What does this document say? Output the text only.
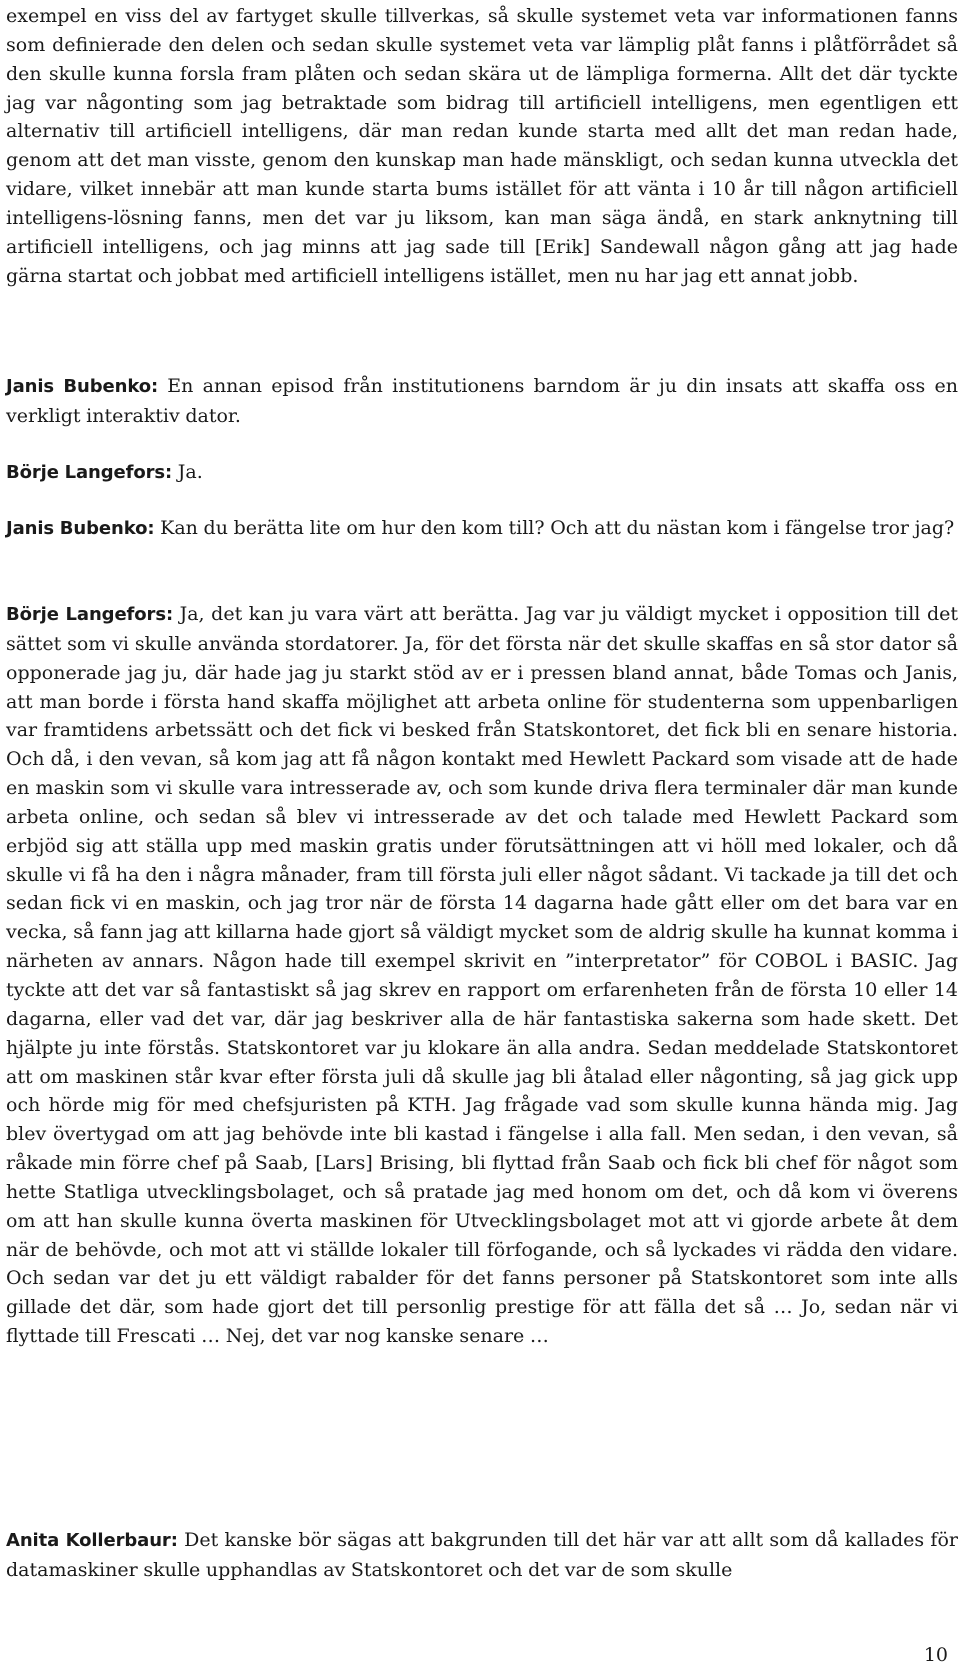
exempel en viss del av fartyget skulle tillverkas, så skulle systemet veta var informationen fanns som definierade den delen och sedan skulle systemet veta var lämplig plåt fanns i plåtförrådet så den skulle kunna forsla fram plåten och sedan skära ut de lämpliga formerna. Allt det där tyckte jag var någonting som jag betraktade som bidrag till artificiell intelligens, men egentligen ett alternativ till artificiell intelligens, där man redan kunde starta med allt det man redan hade, genom att det man visste, genom den kunskap man hade mänskligt, och sedan kunna utveckla det vidare, vilket innebär att man kunde starta bums istället för att vänta i 10 år till någon artificiell intelligens-lösning fanns, men det var ju liksom, kan man säga ändå, en stark anknytning till artificiell intelligens, och jag minns att jag sade till [Erik] Sandewall någon gång att jag hade gärna startat och jobbat med artificiell intelligens istället, men nu har jag ett annat jobb.

Janis Bubenko: En annan episod från institutionens barndom är ju din insats att skaffa oss en verkligt interaktiv dator.

Börje Langefors: Ja.

Janis Bubenko: Kan du berätta lite om hur den kom till? Och att du nästan kom i fängelse tror jag?

Börje Langefors: Ja, det kan ju vara värt att berätta. Jag var ju väldigt mycket i opposition till det sättet som vi skulle använda stordatorer. Ja, för det första när det skulle skaffas en så stor dator så opponerade jag ju, där hade jag ju starkt stöd av er i pressen bland annat, både Tomas och Janis, att man borde i första hand skaffa möjlighet att arbeta online för studenterna som uppenbarligen var framtidens arbetssätt och det fick vi besked från Statskontoret, det fick bli en senare historia. Och då, i den vevan, så kom jag att få någon kontakt med Hewlett Packard som visade att de hade en maskin som vi skulle vara intresserade av, och som kunde driva flera terminaler där man kunde arbeta online, och sedan så blev vi intresserade av det och talade med Hewlett Packard som erbjöd sig att ställa upp med maskin gratis under förutsättningen att vi höll med lokaler, och då skulle vi få ha den i några månader, fram till första juli eller något sådant. Vi tackade ja till det och sedan fick vi en maskin, och jag tror när de första 14 dagarna hade gått eller om det bara var en vecka, så fann jag att killarna hade gjort så väldigt mycket som de aldrig skulle ha kunnat komma i närheten av annars. Någon hade till exempel skrivit en ”interpretator” för COBOL i BASIC. Jag tyckte att det var så fantastiskt så jag skrev en rapport om erfarenheten från de första 10 eller 14 dagarna, eller vad det var, där jag beskriver alla de här fantastiska sakerna som hade skett. Det hjälpte ju inte förstås. Statskontoret var ju klokare än alla andra. Sedan meddelade Statskontoret att om maskinen står kvar efter första juli då skulle jag bli åtalad eller någonting, så jag gick upp och hörde mig för med chefsjuristen på KTH. Jag frågade vad som skulle kunna hända mig. Jag blev övertygad om att jag behövde inte bli kastad i fängelse i alla fall. Men sedan, i den vevan, så råkade min förre chef på Saab, [Lars] Brising, bli flyttad från Saab och fick bli chef för något som hette Statliga utvecklingsbolaget, och så pratade jag med honom om det, och då kom vi överens om att han skulle kunna överta maskinen för Utvecklingsbolaget mot att vi gjorde arbete åt dem när de behövde, och mot att vi ställde lokaler till förfogande, och så lyckades vi rädda den vidare. Och sedan var det ju ett väldigt rabalder för det fanns personer på Statskontoret som inte alls gillade det där, som hade gjort det till personlig prestige för att fälla det så … Jo, sedan när vi flyttade till Frescati … Nej, det var nog kanske senare …

Anita Kollerbaur: Det kanske bör sägas att bakgrunden till det här var att allt som då kallades för datamaskiner skulle upphandlas av Statskontoret och det var de som skulle

10
